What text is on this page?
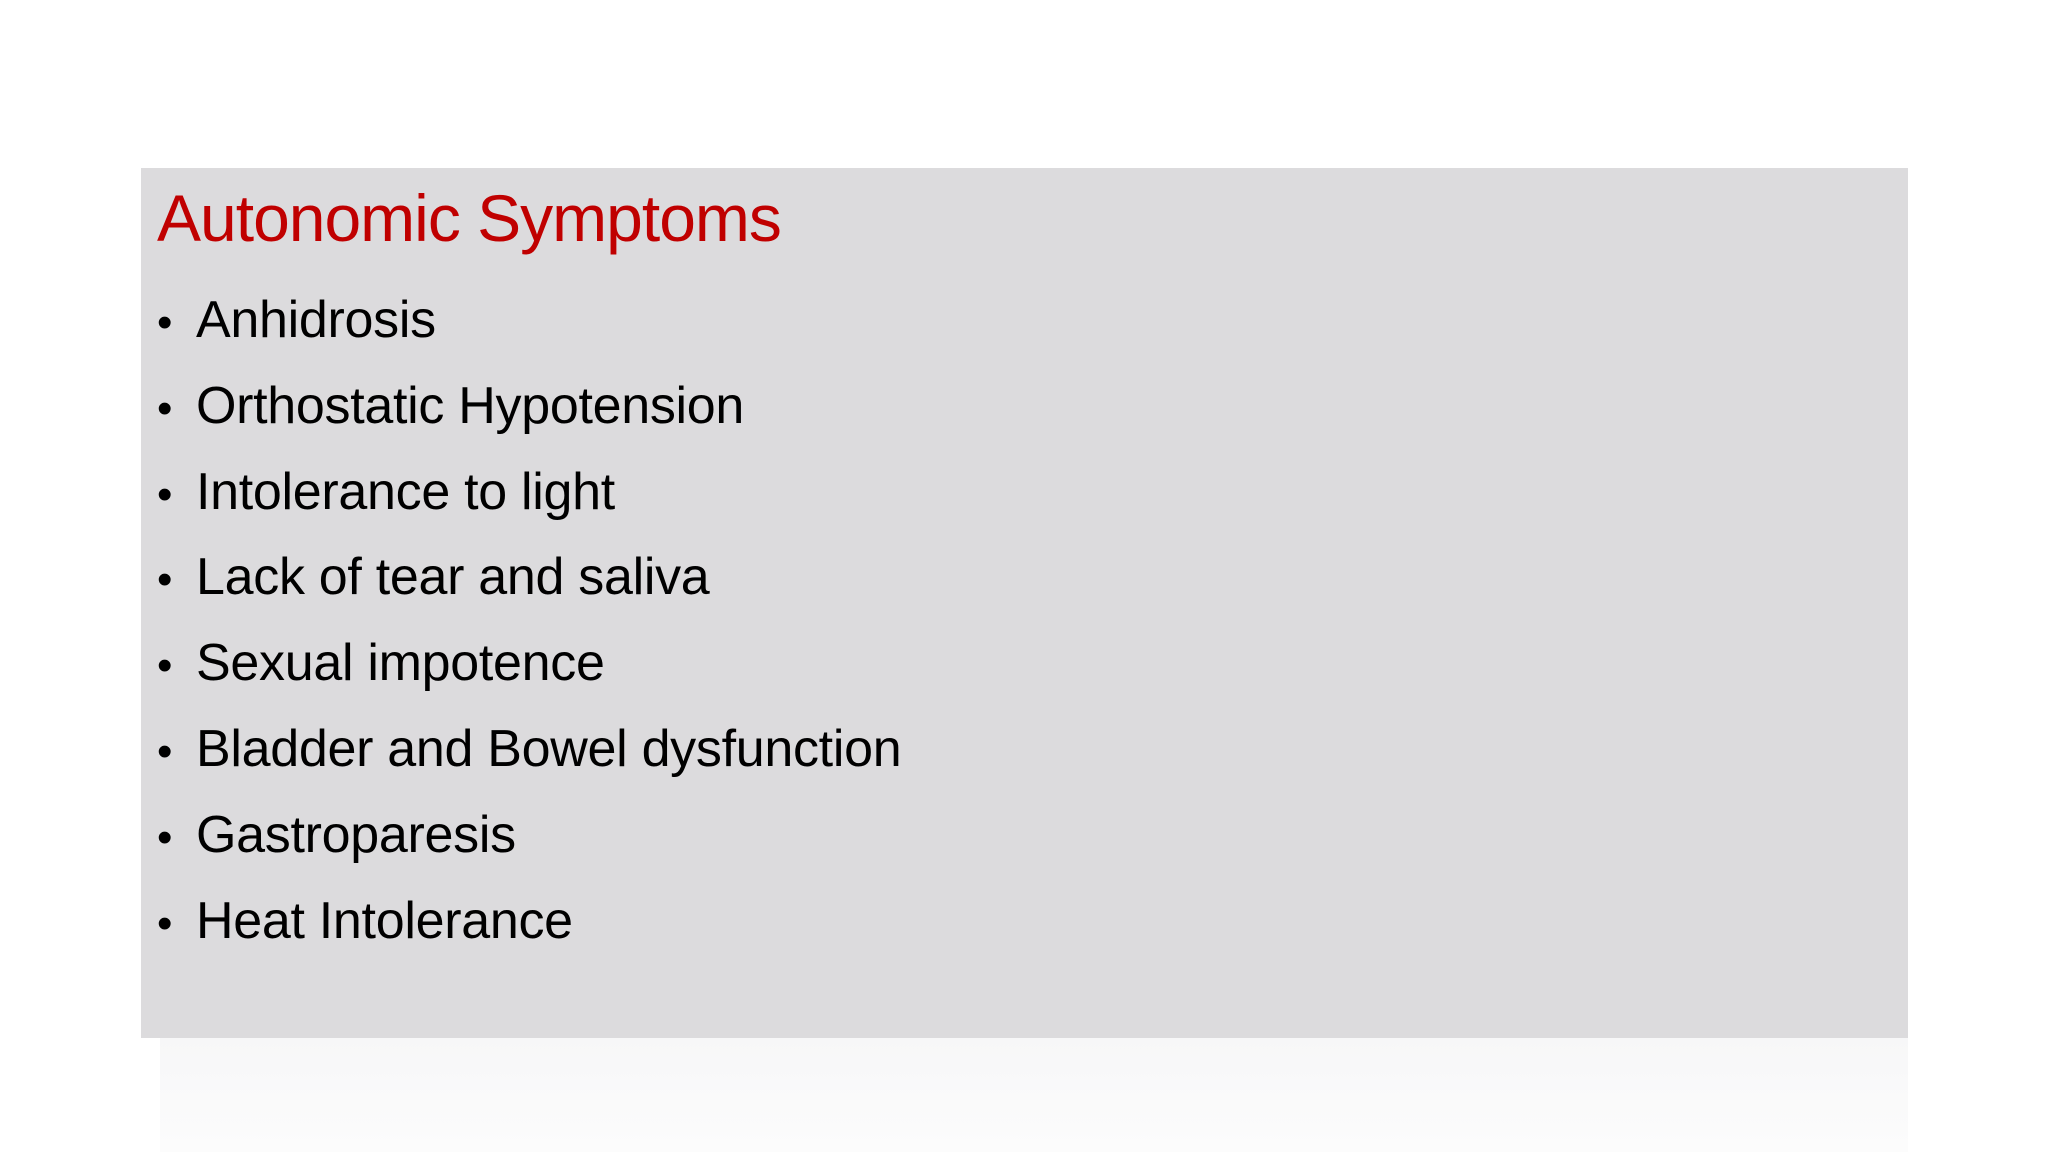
Autonomic Symptoms
• Anhidrosis
• Orthostatic Hypotension
• Intolerance to light
• Lack of tear and saliva
• Sexual impotence
• Bladder and Bowel dysfunction
• Gastroparesis
• Heat Intolerance
